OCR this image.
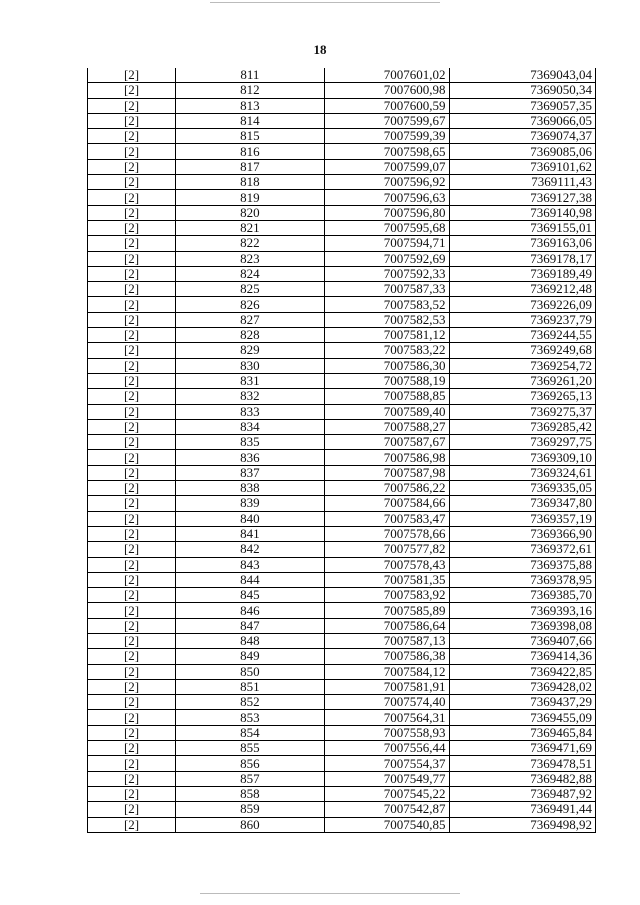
18
[2]	811	7007601,02	7369043,04
[2]	812	7007600,98	7369050,34
[2]	813	7007600,59	7369057,35
[2]	814	7007599,67	7369066,05
[2]	815	7007599,39	7369074,37
[2]	816	7007598,65	7369085,06
[2]	817	7007599,07	7369101,62
[2]	818	7007596,92	7369111,43
[2]	819	7007596,63	7369127,38
[2]	820	7007596,80	7369140,98
[2]	821	7007595,68	7369155,01
[2]	822	7007594,71	7369163,06
[2]	823	7007592,69	7369178,17
[2]	824	7007592,33	7369189,49
[2]	825	7007587,33	7369212,48
[2]	826	7007583,52	7369226,09
[2]	827	7007582,53	7369237,79
[2]	828	7007581,12	7369244,55
[2]	829	7007583,22	7369249,68
[2]	830	7007586,30	7369254,72
[2]	831	7007588,19	7369261,20
[2]	832	7007588,85	7369265,13
[2]	833	7007589,40	7369275,37
[2]	834	7007588,27	7369285,42
[2]	835	7007587,67	7369297,75
[2]	836	7007586,98	7369309,10
[2]	837	7007587,98	7369324,61
[2]	838	7007586,22	7369335,05
[2]	839	7007584,66	7369347,80
[2]	840	7007583,47	7369357,19
[2]	841	7007578,66	7369366,90
[2]	842	7007577,82	7369372,61
[2]	843	7007578,43	7369375,88
[2]	844	7007581,35	7369378,95
[2]	845	7007583,92	7369385,70
[2]	846	7007585,89	7369393,16
[2]	847	7007586,64	7369398,08
[2]	848	7007587,13	7369407,66
[2]	849	7007586,38	7369414,36
[2]	850	7007584,12	7369422,85
[2]	851	7007581,91	7369428,02
[2]	852	7007574,40	7369437,29
[2]	853	7007564,31	7369455,09
[2]	854	7007558,93	7369465,84
[2]	855	7007556,44	7369471,69
[2]	856	7007554,37	7369478,51
[2]	857	7007549,77	7369482,88
[2]	858	7007545,22	7369487,92
[2]	859	7007542,87	7369491,44
[2]	860	7007540,85	7369498,92
